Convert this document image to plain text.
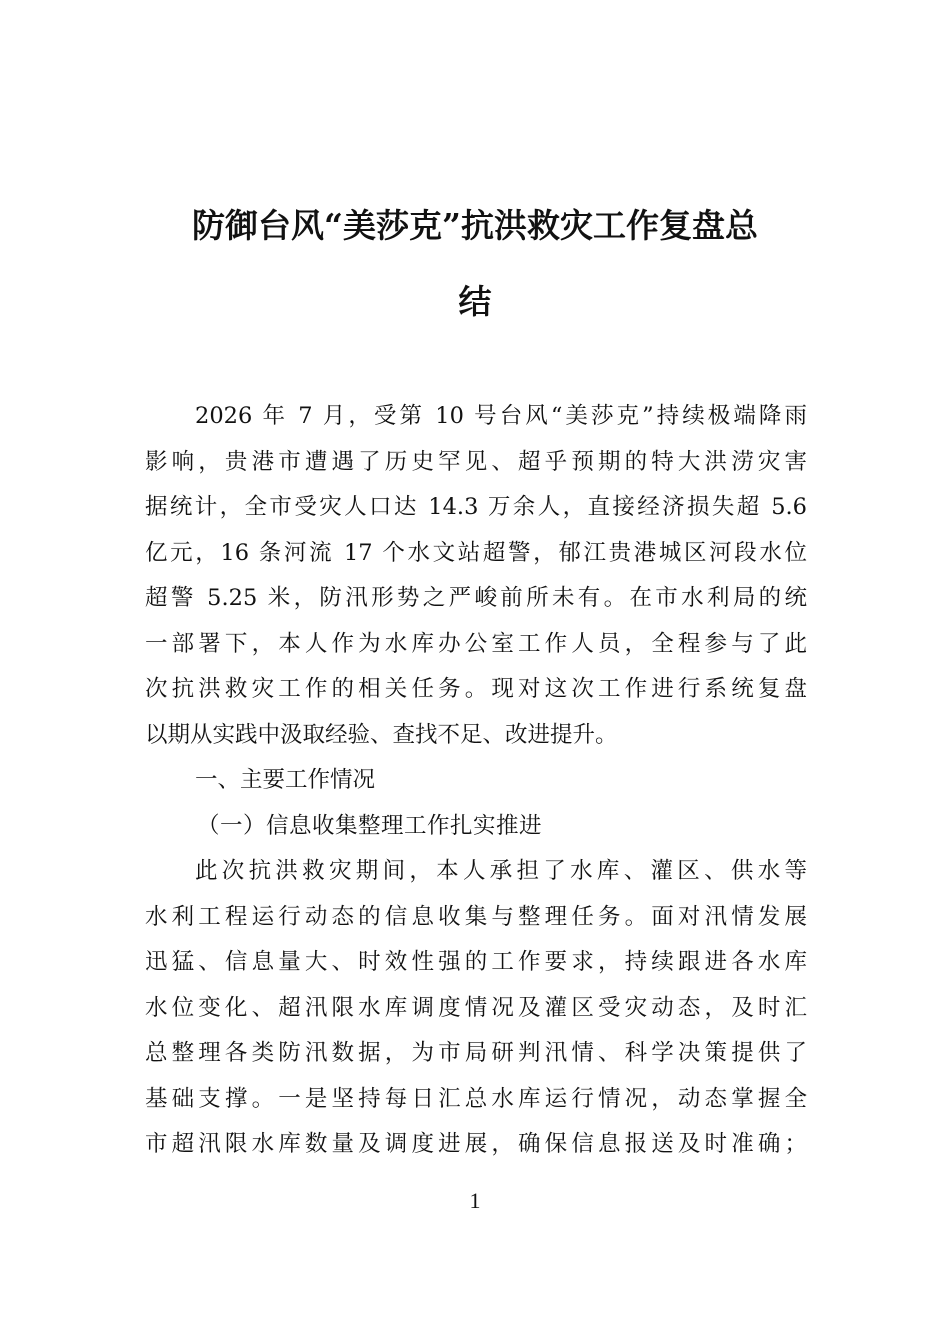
防御台风“美莎克”抗洪救灾工作复盘总
结
2026 年 7 月，受第 10 号台风“美莎克”持续极端降雨
影响，贵港市遭遇了历史罕见、超乎预期的特大洪涝灾害
据统计，全市受灾人口达 14.3 万余人，直接经济损失超 5.6
亿元，16 条河流 17 个水文站超警，郁江贵港城区河段水位
超警 5.25 米，防汛形势之严峻前所未有。在市水利局的统
一部署下，本人作为水库办公室工作人员，全程参与了此
次抗洪救灾工作的相关任务。现对这次工作进行系统复盘
以期从实践中汲取经验、查找不足、改进提升。
一、主要工作情况
（一）信息收集整理工作扎实推进
此次抗洪救灾期间，本人承担了水库、灌区、供水等
水利工程运行动态的信息收集与整理任务。面对汛情发展
迅猛、信息量大、时效性强的工作要求，持续跟进各水库
水位变化、超汛限水库调度情况及灌区受灾动态，及时汇
总整理各类防汛数据，为市局研判汛情、科学决策提供了
基础支撑。一是坚持每日汇总水库运行情况，动态掌握全
市超汛限水库数量及调度进展，确保信息报送及时准确；
1
